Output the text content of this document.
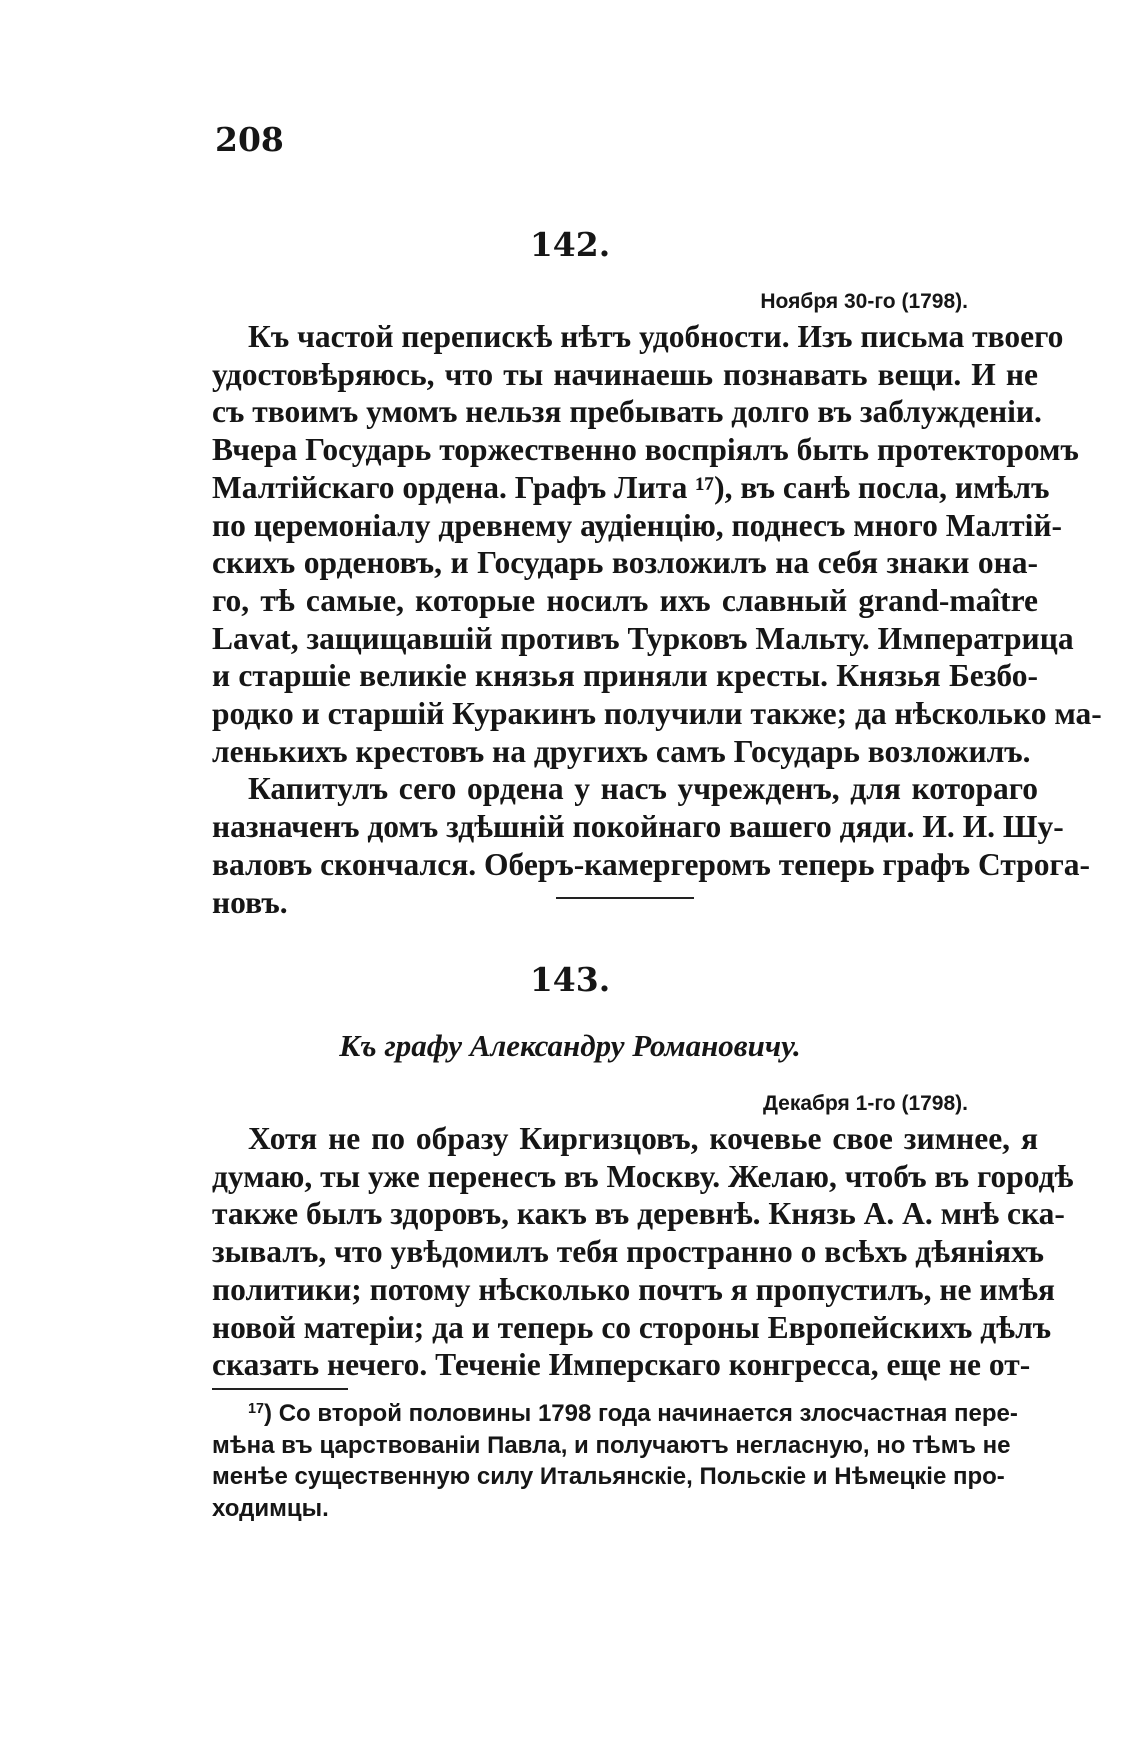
208
142.
Ноября 30-го (1798).
Къ частой перепискѣ нѣтъ удобности. Изъ письма твоего
удостовѣряюсь, что ты начинаешь познавать вещи. И не
съ твоимъ умомъ нельзя пребывать долго въ заблужденіи.
Вчера Государь торжественно воспріялъ быть протекторомъ
Малтійскаго ордена. Графъ Лита ¹⁷), въ санѣ посла, имѣлъ
по церемоніалу древнему аудіенцію, поднесъ много Малтій-
скихъ орденовъ, и Государь возложилъ на себя знаки она-
го, тѣ самые, которые носилъ ихъ славный grand-maître
Lavat, защищавшій противъ Турковъ Мальту. Императрица
и старшіе великіе князья приняли кресты. Князья Безбо-
родко и старшій Куракинъ получили также; да нѣсколько ма-
ленькихъ крестовъ на другихъ самъ Государь возложилъ.
Капитулъ сего ордена у насъ учрежденъ, для котораго
назначенъ домъ здѣшній покойнаго вашего дяди. И. И. Шу-
валовъ скончался. Оберъ-камергеромъ теперь графъ Строга-
новъ.
143.
Къ графу Александру Романовичу.
Декабря 1-го (1798).
Хотя не по образу Киргизцовъ, кочевье свое зимнее, я
думаю, ты уже перенесъ въ Москву. Желаю, чтобъ въ городѣ
также былъ здоровъ, какъ въ деревнѣ. Князь А. А. мнѣ ска-
зывалъ, что увѣдомилъ тебя пространно о всѣхъ дѣяніяхъ
политики; потому нѣсколько почтъ я пропустилъ, не имѣя
новой матеріи; да и теперь со стороны Европейскихъ дѣлъ
сказать нечего. Теченіе Имперскаго конгресса, еще не от-
$^{17}$) Со второй половины 1798 года начинается злосчастная пере-
мѣна въ царствованіи Павла, и получаютъ негласную, но тѣмъ не
менѣе существенную силу Итальянскіе, Польскіе и Нѣмецкіе про-
ходимцы.
